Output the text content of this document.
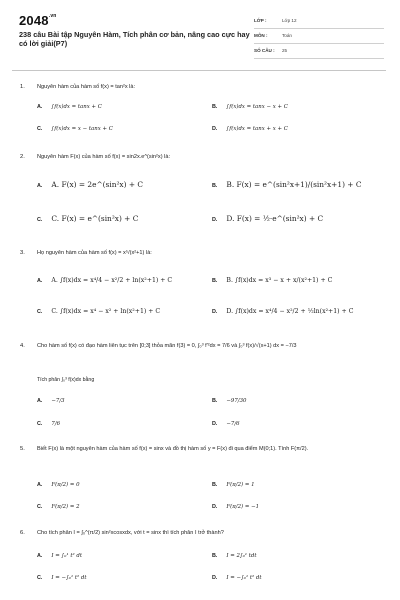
$2048^{.vn}$
238 câu Bài tập Nguyên Hàm, Tích phân cơ bản, nâng cao cực hay có lời giải(P7)
LỚP :	Lớp 12
MÔN :	Toán
SỐ CÂU : 25
1. Nguyên hàm của hàm số f(x) = tan²x là:
A. ∫f(x)dx = tanx + C	B. ∫f(x)dx = tanx − x + C
C. ∫f(x)dx = x − tanx + C	D. ∫f(x)dx = tanx + x + C
2. Nguyên hàm F(x) của hàm số f(x) = sin2x.e^(sin²x) là:
A. A. F(x) = 2e^(sin²x) + C	B. B. F(x) = e^(sin²x+1)/(sin²x+1) + C
C. C. F(x) = e^(sin²x) + C	D. D. F(x) = ½·e^(sin²x) + C
3. Họ nguyên hàm của hàm số f(x) = x⁵/(x²+1) là:
A. A. ∫f(x)dx = x⁴/4 − x²/2 + ln(x²+1) + C	B. B. ∫f(x)dx = x³ − x + x/(x²+1) + C
C. C. ∫f(x)dx = x⁴ − x² + ln(x²+1) + C	D. D. ∫f(x)dx = x⁴/4 − x²/2 + ½ln(x²+1) + C
4. Cho hàm số f(x) có đạo hàm liên tục trên [0;3] thỏa mãn f(3) = 0, ∫₀³ f'²dx = 7/6 và ∫₀³ f(x)/√(x+1) dx = −7/3
Tích phân ∫₀³ f(x)dx bằng
A. −7/3	B. −97/30
C. 7/6	D. −7/6
5. Biết F(x) là một nguyên hàm của hàm số f(x) = sinx và đồ thị hàm số y = F(x) đi qua điểm M(0;1). Tính F(π/2).
A. F(π/2) = 0	B. F(π/2) = 1
C. F(π/2) = 2	D. F(π/2) = −1
6. Cho tích phân I = ∫₀^(π/2) sin²xcosxdx, với t = sinx thì tích phân I trở thành?
A. I = ∫₀¹ t² dt	B. I = 2∫₀¹ tdt
C. I = −∫₀¹ t² dt	D. I = −∫₀¹ t² dt
